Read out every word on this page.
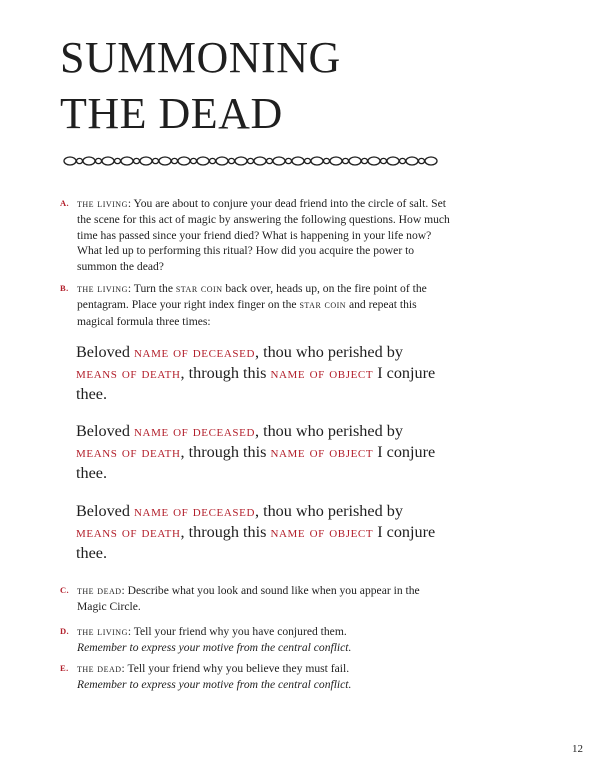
SUMMONING
THE DEAD
A. the living: You are about to conjure your dead friend into the circle of salt. Set the scene for this act of magic by answering the following questions. How much time has passed since your friend died? What is happening in your life now? What led up to performing this ritual? How did you acquire the power to summon the dead?
B. the living: Turn the star coin back over, heads up, on the fire point of the pentagram. Place your right index finger on the star coin and repeat this magical formula three times:
C. the dead: Describe what you look and sound like when you appear in the Magic Circle.
D. the living: Tell your friend why you have conjured them.
Remember to express your motive from the central conflict.
E. the dead: Tell your friend why you believe they must fail.
Remember to express your motive from the central conflict.
Beloved name of deceased, thou who perished by means of death, through this name of object I conjure thee.
Beloved name of deceased, thou who perished by means of death, through this name of object I conjure thee.
Beloved name of deceased, thou who perished by means of death, through this name of object I conjure thee.
12
